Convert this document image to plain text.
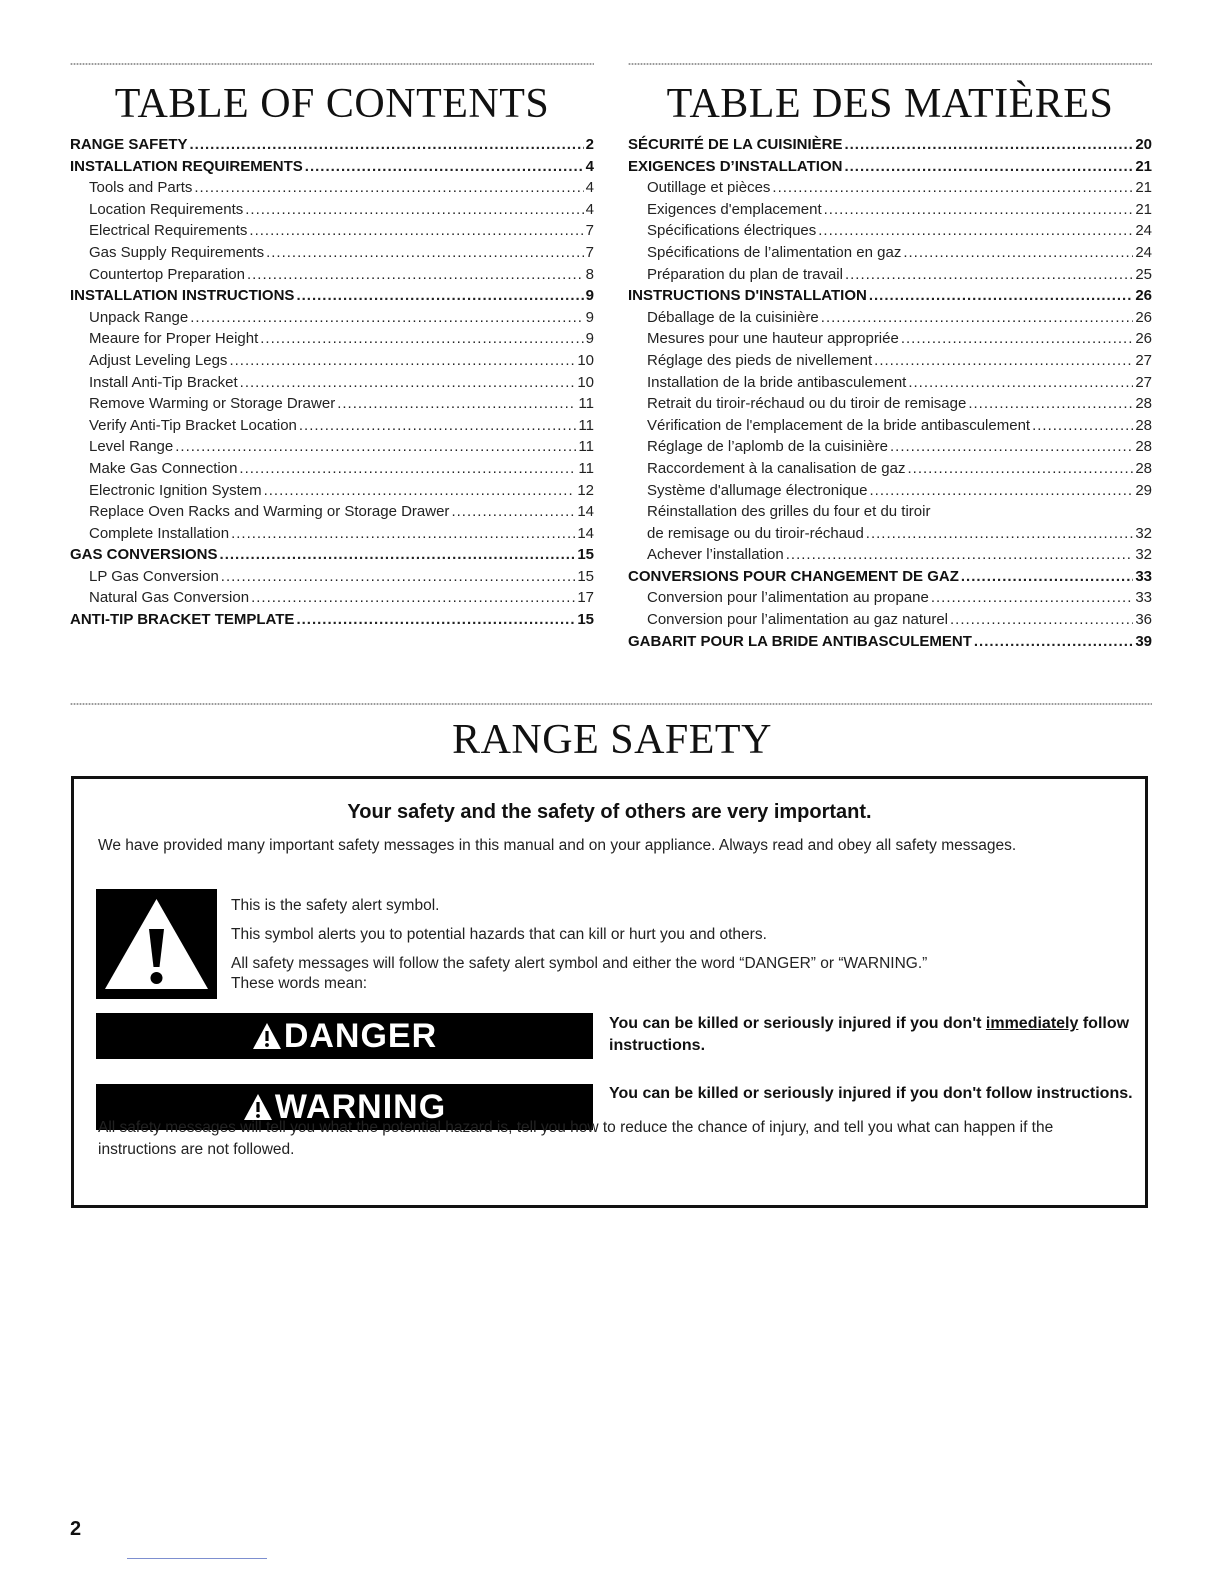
TABLE OF CONTENTS
RANGE SAFETY .....	2
INSTALLATION REQUIREMENTS .....	4
Tools and Parts .....	4
Location Requirements .....	4
Electrical Requirements .....	7
Gas Supply Requirements .....	7
Countertop Preparation .....	8
INSTALLATION INSTRUCTIONS .....	9
Unpack Range .....	9
Meaure for Proper Height .....	9
Adjust Leveling Legs .....	10
Install Anti-Tip Bracket .....	10
Remove Warming or Storage Drawer .....	11
Verify Anti-Tip Bracket Location .....	11
Level Range .....	11
Make Gas Connection .....	11
Electronic Ignition System .....	12
Replace Oven Racks and Warming or Storage Drawer .....	14
Complete Installation .....	14
GAS CONVERSIONS .....	15
LP Gas Conversion .....	15
Natural Gas Conversion .....	17
ANTI-TIP BRACKET TEMPLATE .....	15
TABLE DES MATIÈRES
SÉCURITÉ DE LA CUISINIÈRE .....	20
EXIGENCES D’INSTALLATION .....	21
Outillage et pièces .....	21
Exigences d'emplacement .....	21
Spécifications électriques .....	24
Spécifications de l’alimentation en gaz .....	24
Préparation du plan de travail .....	25
INSTRUCTIONS D'INSTALLATION .....	26
Déballage de la cuisinière .....	26
Mesures pour une hauteur appropriée .....	26
Réglage des pieds de nivellement .....	27
Installation de la bride antibasculement .....	27
Retrait du tiroir-réchaud ou du tiroir de remisage .....	28
Vérification de l'emplacement de la bride antibasculement .....	28
Réglage de l’aplomb de la cuisinière .....	28
Raccordement à la canalisation de gaz .....	28
Système d'allumage électronique .....	29
Réinstallation des grilles du four et du tiroir
de remisage ou du tiroir-réchaud .....	32
Achever l’installation .....	32
CONVERSIONS POUR CHANGEMENT DE GAZ .....	33
Conversion pour l’alimentation au propane .....	33
Conversion pour l’alimentation au gaz naturel .....	36
GABARIT POUR LA BRIDE ANTIBASCULEMENT .....	39
RANGE SAFETY
Your safety and the safety of others are very important.

We have provided many important safety messages in this manual and on your appliance. Always read and obey all safety messages.

This is the safety alert symbol.

This symbol alerts you to potential hazards that can kill or hurt you and others.

All safety messages will follow the safety alert symbol and either the word “DANGER” or “WARNING.”

These words mean:

DANGER	You can be killed or seriously injured if you don't immediately follow instructions.

WARNING	You can be killed or seriously injured if you don't follow instructions.

All safety messages will tell you what the potential hazard is, tell you how to reduce the chance of injury, and tell you what can happen if the instructions are not followed.

2
